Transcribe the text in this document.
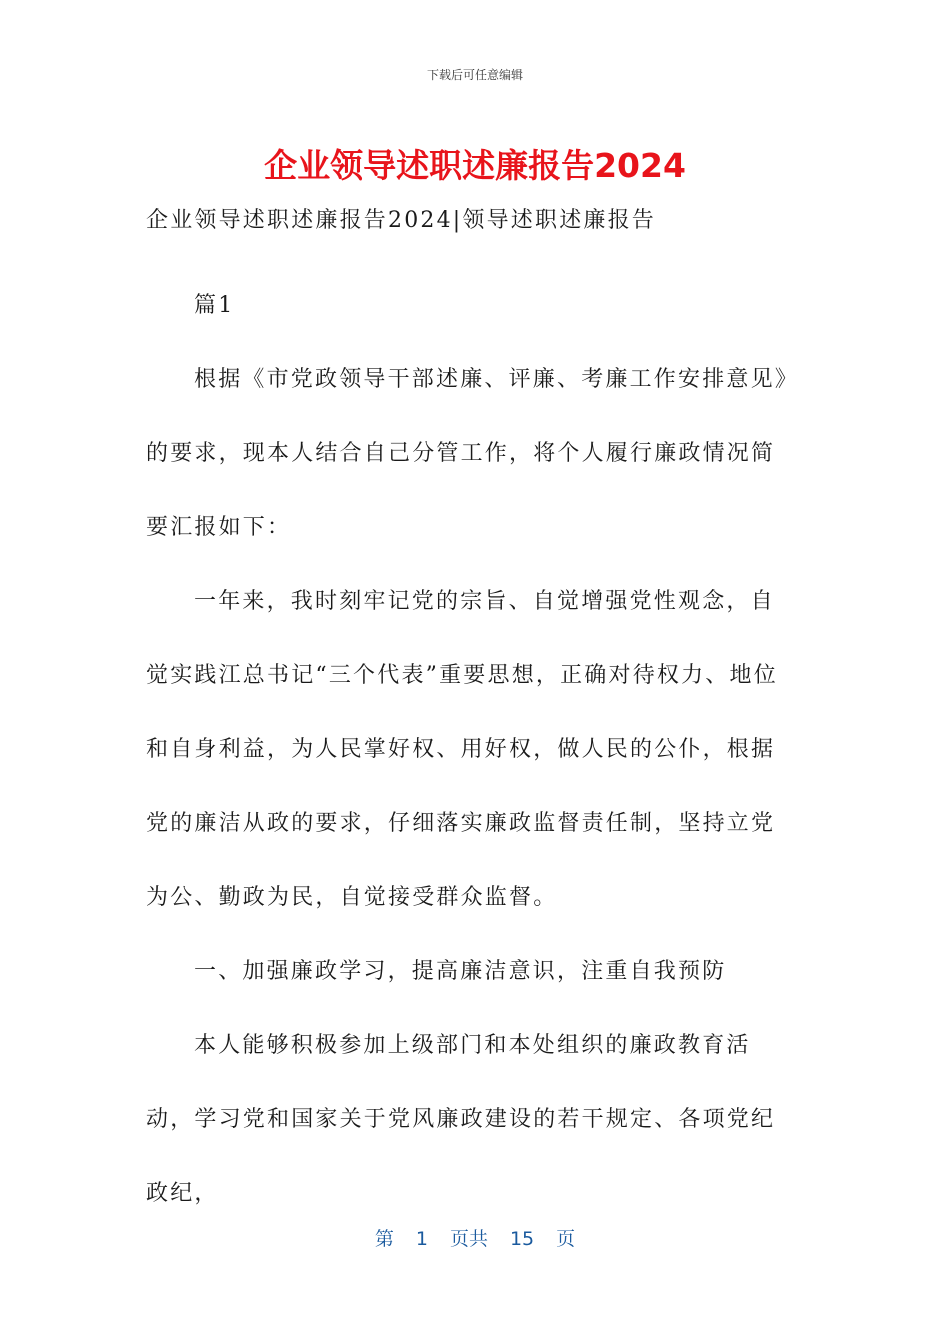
下载后可任意编辑
企业领导述职述廉报告2024

企业领导述职述廉报告2024|领导述职述廉报告

篇1

根据《市党政领导干部述廉、评廉、考廉工作安排意见》的要求，现本人结合自己分管工作，将个人履行廉政情况简要汇报如下：

一年来，我时刻牢记党的宗旨、自觉增强党性观念，自觉实践江总书记“三个代表”重要思想，正确对待权力、地位和自身利益，为人民掌好权、用好权，做人民的公仆，根据党的廉洁从政的要求，仔细落实廉政监督责任制，坚持立党为公、勤政为民，自觉接受群众监督。

一、加强廉政学习，提高廉洁意识，注重自我预防

本人能够积极参加上级部门和本处组织的廉政教育活动，学习党和国家关于党风廉政建设的若干规定、各项党纪政纪，

第 1 页共 15 页
